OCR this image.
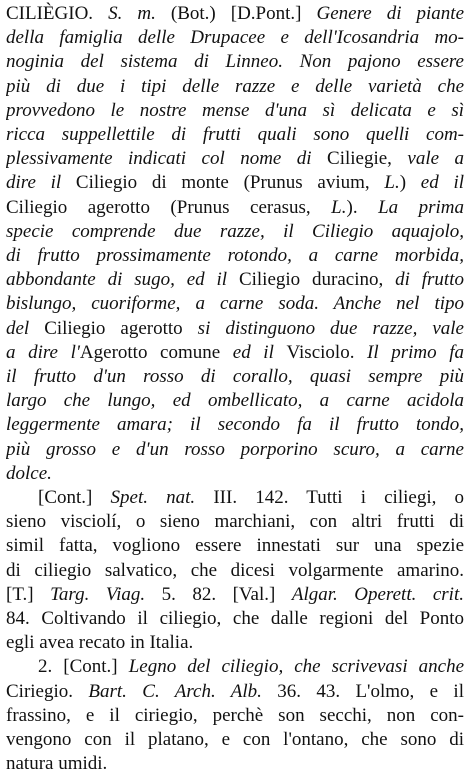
CILIÈGIO. S. m. (Bot.) [D.Pont.] Genere di piante
della famiglia delle Drupacee e dell'Icosandria mo-
noginia del sistema di Linneo. Non pajono essere
più di due i tipi delle razze e delle varietà che
provvedono le nostre mense d'una sì delicata e sì
ricca suppellettile di frutti quali sono quelli com-
plessivamente indicati col nome di Ciliegie, vale a
dire il Ciliegio di monte (Prunus avium, L.) ed il
Ciliegio agerotto (Prunus cerasus, L.). La prima
specie comprende due razze, il Ciliegio aquajolo,
di frutto prossimamente rotondo, a carne morbida,
abbondante di sugo, ed il Ciliegio duracino, di frutto
bislungo, cuoriforme, a carne soda. Anche nel tipo
del Ciliegio agerotto si distinguono due razze, vale
a dire l'Agerotto comune ed il Visciolo. Il primo fa
il frutto d'un rosso di corallo, quasi sempre più
largo che lungo, ed ombellicato, a carne acidola
leggermente amara; il secondo fa il frutto tondo,
più grosso e d'un rosso porporino scuro, a carne
dolce.
[Cont.] Spet. nat. III. 142. Tutti i ciliegi, o
sieno visciolí, o sieno marchiani, con altri frutti di
simil fatta, vogliono essere innestati sur una spezie
di ciliegio salvatico, che dicesi volgarmente amarino.
[T.] Targ. Viag. 5. 82. [Val.] Algar. Operett. crit.
84. Coltivando il ciliegio, che dalle regioni del Ponto
egli avea recato in Italia.
2. [Cont.] Legno del ciliegio, che scrivevasi anche
Ciriegio. Bart. C. Arch. Alb. 36. 43. L'olmo, e il
frassino, e il ciriegio, perchè son secchi, non con-
vengono con il platano, e con l'ontano, che sono di
natura umidi.
